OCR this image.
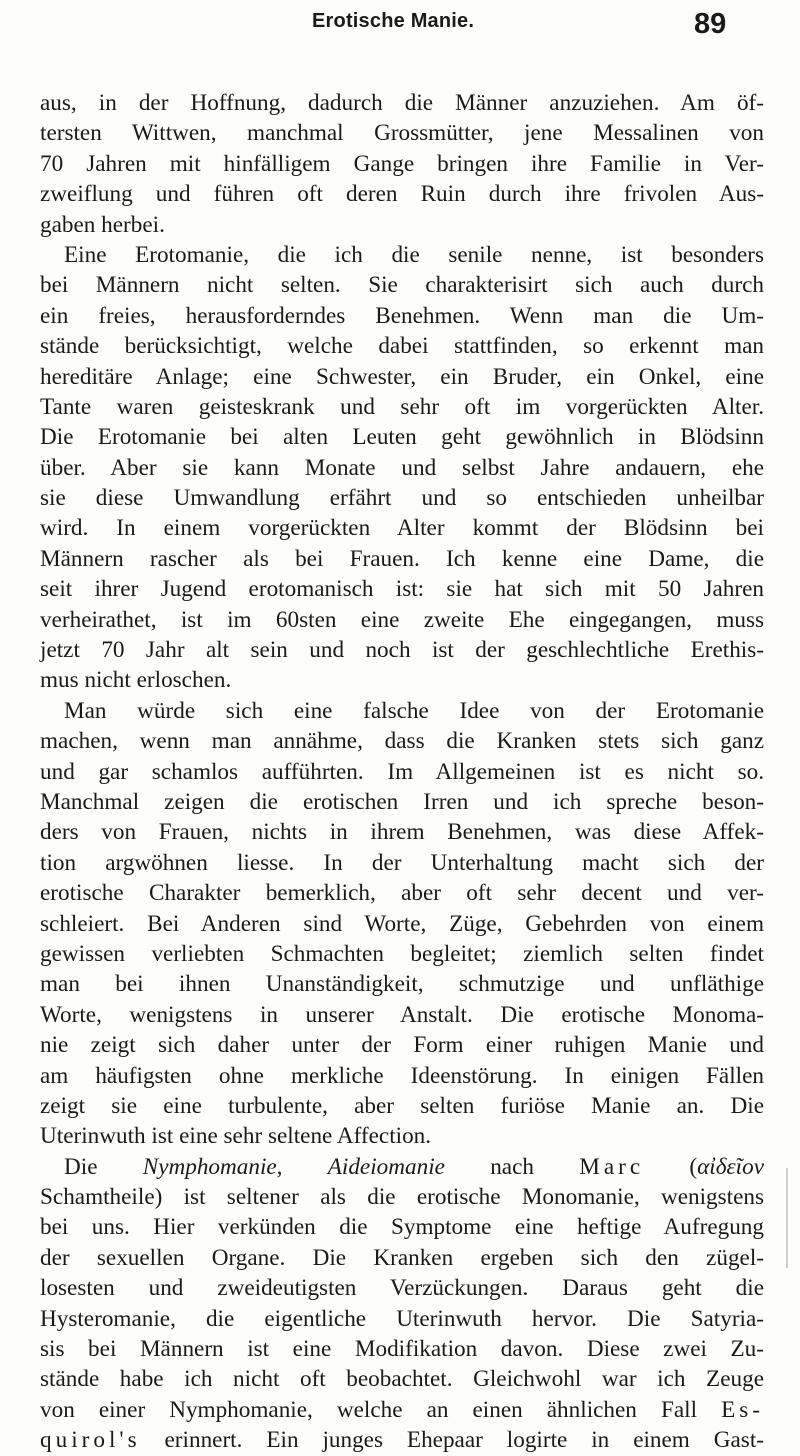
Erotische Manie.	89
aus, in der Hoffnung, dadurch die Männer anzuziehen. Am öf-
tersten Wittwen, manchmal Grossmütter, jene Messalinen von
70 Jahren mit hinfälligem Gange bringen ihre Familie in Ver-
zweiflung und führen oft deren Ruin durch ihre frivolen Aus-
gaben herbei.
Eine Erotomanie, die ich die senile nenne, ist besonders
bei Männern nicht selten. Sie charakterisirt sich auch durch
ein freies, herausforderndes Benehmen. Wenn man die Um-
stände berücksichtigt, welche dabei stattfinden, so erkennt man
hereditäre Anlage; eine Schwester, ein Bruder, ein Onkel, eine
Tante waren geisteskrank und sehr oft im vorgerückten Alter.
Die Erotomanie bei alten Leuten geht gewöhnlich in Blödsinn
über. Aber sie kann Monate und selbst Jahre andauern, ehe
sie diese Umwandlung erfährt und so entschieden unheilbar
wird. In einem vorgerückten Alter kommt der Blödsinn bei
Männern rascher als bei Frauen. Ich kenne eine Dame, die
seit ihrer Jugend erotomanisch ist: sie hat sich mit 50 Jahren
verheirathet, ist im 60sten eine zweite Ehe eingegangen, muss
jetzt 70 Jahr alt sein und noch ist der geschlechtliche Erethis-
mus nicht erloschen.
Man würde sich eine falsche Idee von der Erotomanie
machen, wenn man annähme, dass die Kranken stets sich ganz
und gar schamlos aufführten. Im Allgemeinen ist es nicht so.
Manchmal zeigen die erotischen Irren und ich spreche beson-
ders von Frauen, nichts in ihrem Benehmen, was diese Affek-
tion argwöhnen liesse. In der Unterhaltung macht sich der
erotische Charakter bemerklich, aber oft sehr decent und ver-
schleiert. Bei Anderen sind Worte, Züge, Gebehrden von einem
gewissen verliebten Schmachten begleitet; ziemlich selten findet
man bei ihnen Unanständigkeit, schmutzige und unfläthige
Worte, wenigstens in unserer Anstalt. Die erotische Monoma-
nie zeigt sich daher unter der Form einer ruhigen Manie und
am häufigsten ohne merkliche Ideenstörung. In einigen Fällen
zeigt sie eine turbulente, aber selten furiöse Manie an. Die
Uterinwuth ist eine sehr seltene Affection.
Die Nymphomanie, Aideiomanie nach Marc (αἰδεῖον
Schamtheile) ist seltener als die erotische Monomanie, wenigstens
bei uns. Hier verkünden die Symptome eine heftige Aufregung
der sexuellen Organe. Die Kranken ergeben sich den zügel-
losesten und zweideutigsten Verzückungen. Daraus geht die
Hysteromanie, die eigentliche Uterinwuth hervor. Die Satyria-
sis bei Männern ist eine Modifikation davon. Diese zwei Zu-
stände habe ich nicht oft beobachtet. Gleichwohl war ich Zeuge
von einer Nymphomanie, welche an einen ähnlichen Fall Es-
quirol's erinnert. Ein junges Ehepaar logirte in einem Gast-
